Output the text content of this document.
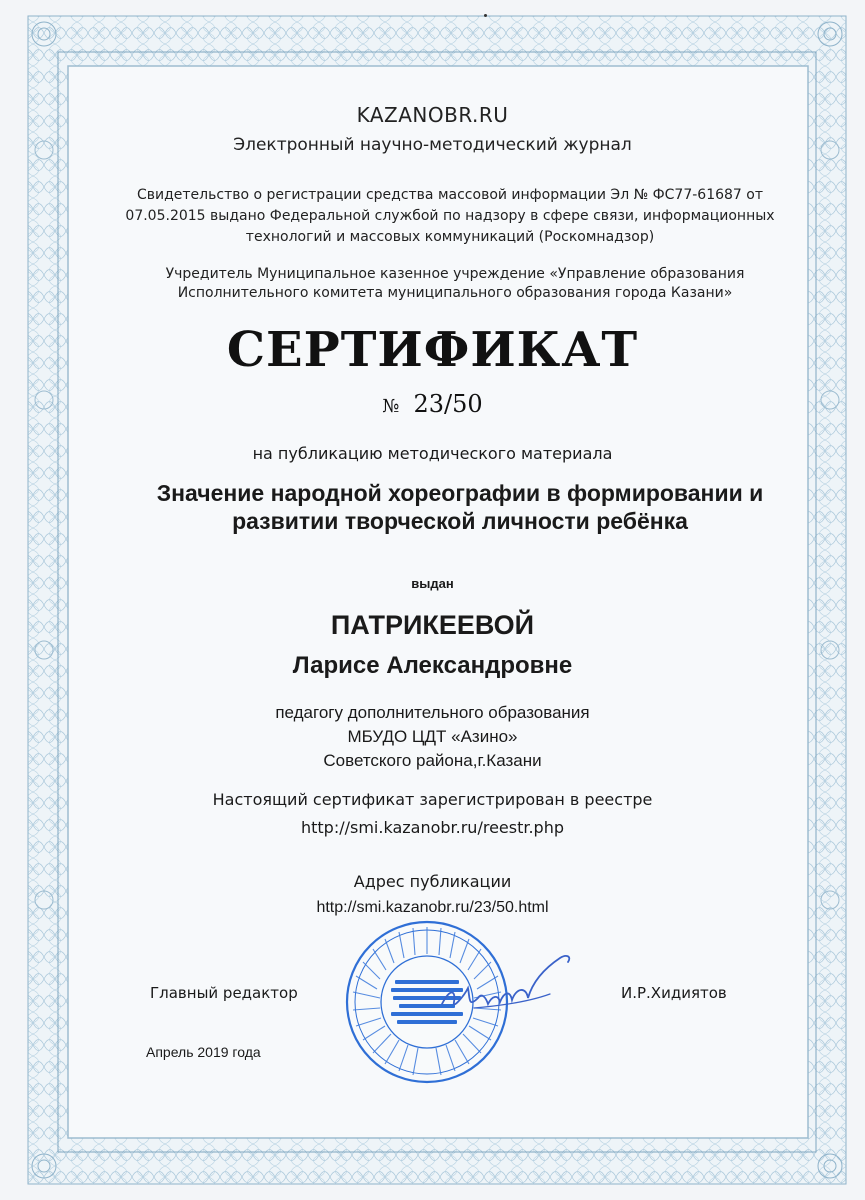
KAZANOBR.RU
Электронный научно-методический журнал
Свидетельство о регистрации средства массовой информации Эл № ФС77-61687 от 07.05.2015 выдано Федеральной службой по надзору в сфере связи, информационных технологий и массовых коммуникаций (Роскомнадзор)
Учредитель Муниципальное казенное учреждение «Управление образования Исполнительного комитета муниципального образования города Казани»
СЕРТИФИКАТ
№ 23/50
на публикацию методического материала
Значение народной хореографии в формировании и развитии творческой личности ребёнка
выдан
ПАТРИКЕЕВОЙ
Ларисе Александровне
педагогу дополнительного образования
МБУДО ЦДТ «Азино»
Советского района,г.Казани
Настоящий сертификат зарегистрирован в реестре
http://smi.kazanobr.ru/reestr.php
Адрес публикации
http://smi.kazanobr.ru/23/50.html
Главный редактор	И.Р.Хидиятов
Апрель 2019 года
